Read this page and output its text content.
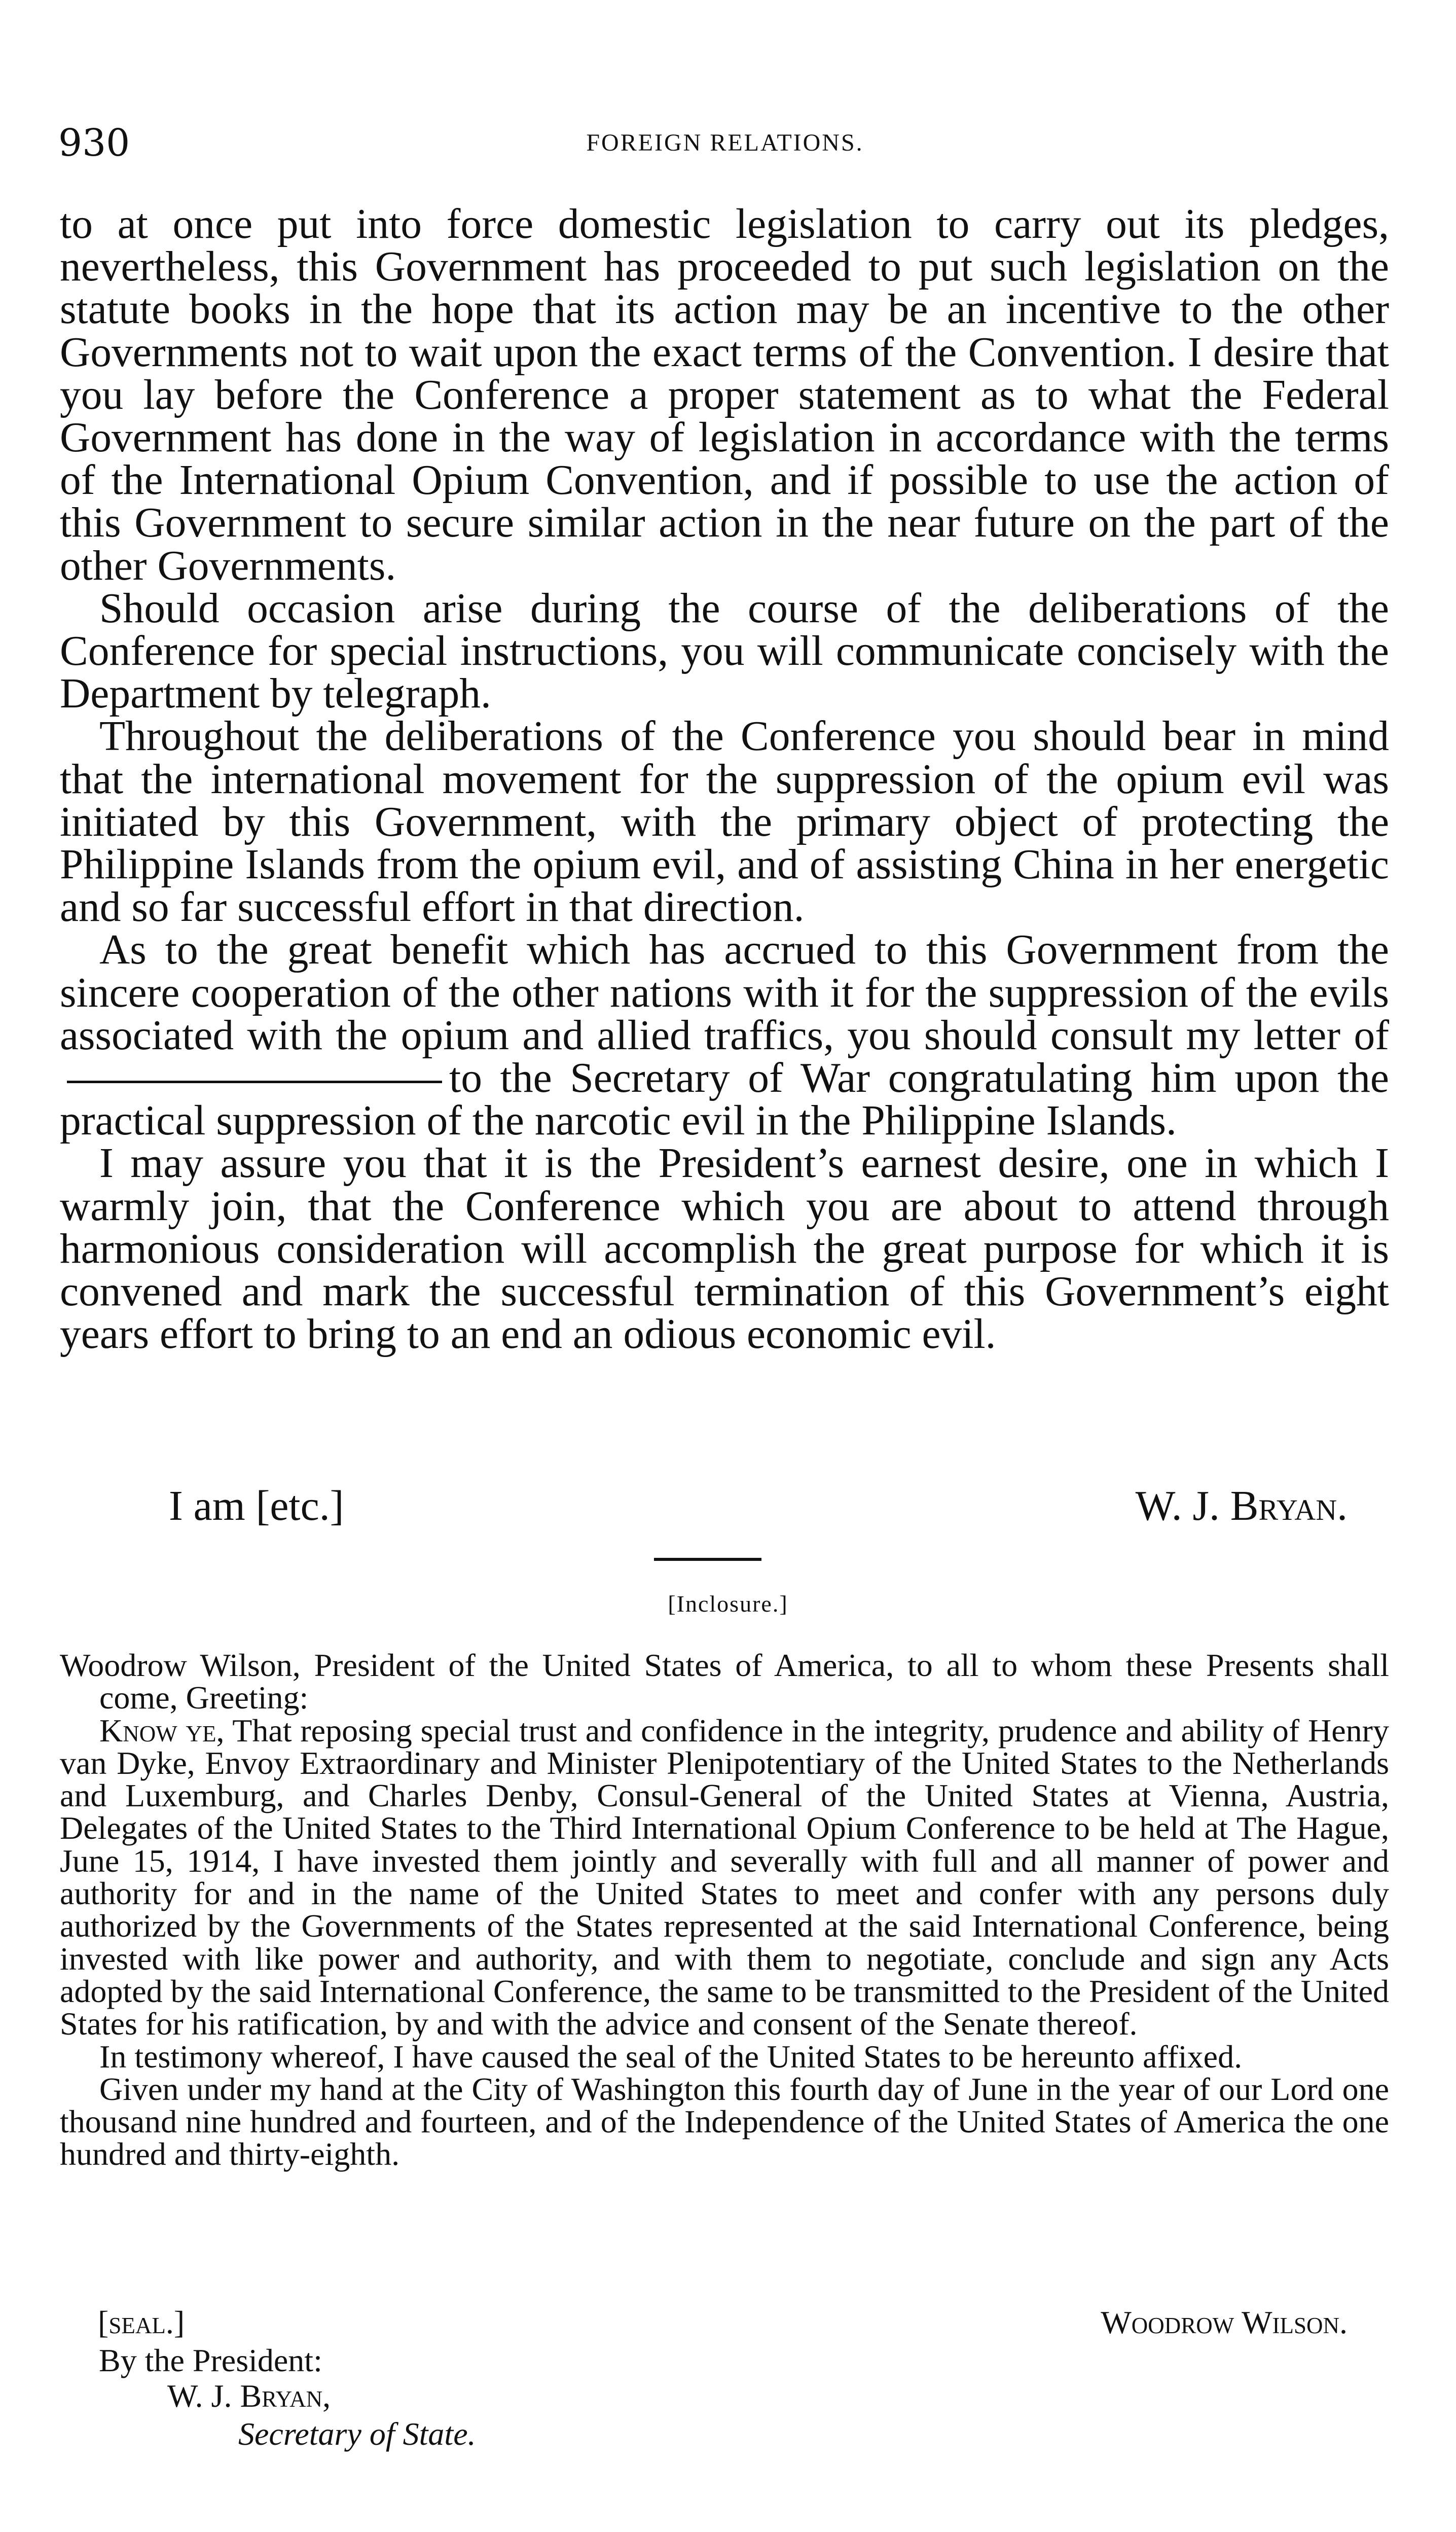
930	FOREIGN RELATIONS.

to at once put into force domestic legislation to carry out its pledges, nevertheless, this Government has proceeded to put such legislation on the statute books in the hope that its action may be an incentive to the other Governments not to wait upon the exact terms of the Convention. I desire that you lay before the Conference a proper statement as to what the Federal Government has done in the way of legislation in accordance with the terms of the International Opium Convention, and if possible to use the action of this Government to secure similar action in the near future on the part of the other Governments.

Should occasion arise during the course of the deliberations of the Conference for special instructions, you will communicate concisely with the Department by telegraph.

Throughout the deliberations of the Conference you should bear in mind that the international movement for the suppression of the opium evil was initiated by this Government, with the primary object of protecting the Philippine Islands from the opium evil, and of assisting China in her energetic and so far successful effort in that direction.

As to the great benefit which has accrued to this Government from the sincere cooperation of the other nations with it for the suppression of the evils associated with the opium and allied traffics, you should consult my letter ofto the Secretary of War congratulating him upon the practical suppression of the narcotic evil in the Philippine Islands.

I may assure you that it is the President’s earnest desire, one in which I warmly join, that the Conference which you are about to attend through harmonious consideration will accomplish the great purpose for which it is convened and mark the successful termination of this Government’s eight years effort to bring to an end an odious economic evil.

I am [etc.]	W. J. Bryan.
[Inclosure.]

Woodrow Wilson, President of the United States of America, to all to whom these Presents shall come, Greeting:

Know ye, That reposing special trust and confidence in the integrity, prudence and ability of Henry van Dyke, Envoy Extraordinary and Minister Plenipotentiary of the United States to the Netherlands and Luxemburg, and Charles Denby, Consul-General of the United States at Vienna, Austria, Delegates of the United States to the Third International Opium Conference to be held at The Hague, June 15, 1914, I have invested them jointly and severally with full and all manner of power and authority for and in the name of the United States to meet and confer with any persons duly authorized by the Governments of the States represented at the said International Conference, being invested with like power and authority, and with them to negotiate, conclude and sign any Acts adopted by the said International Conference, the same to be transmitted to the President of the United States for his ratification, by and with the advice and consent of the Senate thereof.

In testimony whereof, I have caused the seal of the United States to be hereunto affixed.

Given under my hand at the City of Washington this fourth day of June in the year of our Lord one thousand nine hundred and fourteen, and of the Independence of the United States of America the one hundred and thirty-eighth.

[seal.]	Woodrow Wilson.
By the President:
W. J. Bryan,
Secretary of State.
